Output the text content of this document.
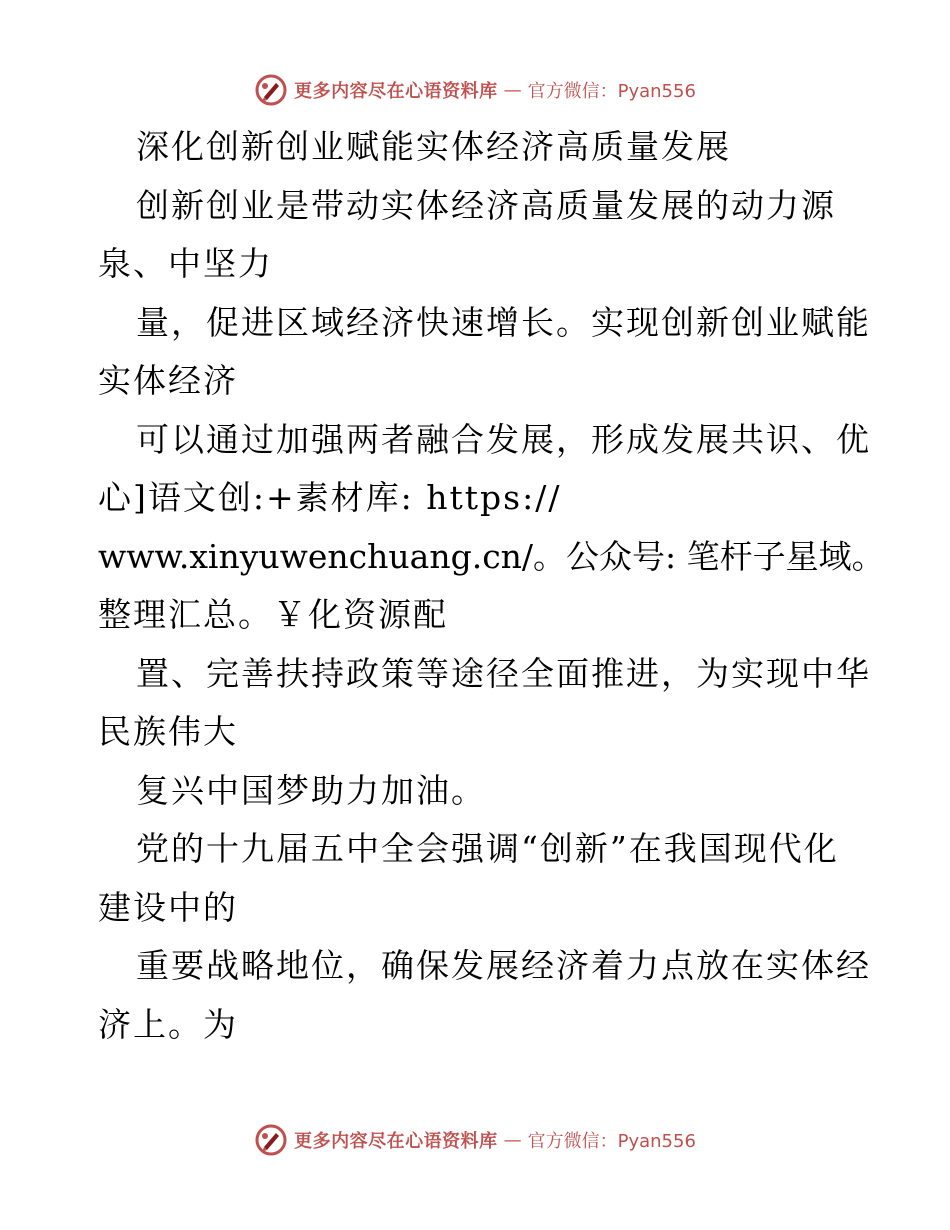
更多内容尽在心语资料库 — 官方微信：Pyan556
深化创新创业赋能实体经济高质量发展
创新创业是带动实体经济高质量发展的动力源
泉、中坚力
量，促进区域经济快速增长。实现创新创业赋能
实体经济
可以通过加强两者融合发展，形成发展共识、优
心]语文创:+素材库: https://
www.xinyuwenchuang.cn/。公众号: 笔杆子星域。
整理汇总。￥化资源配
置、完善扶持政策等途径全面推进，为实现中华
民族伟大
复兴中国梦助力加油。
党的十九届五中全会强调“创新”在我国现代化
建设中的
重要战略地位，确保发展经济着力点放在实体经
济上。为
更多内容尽在心语资料库 — 官方微信：Pyan556
